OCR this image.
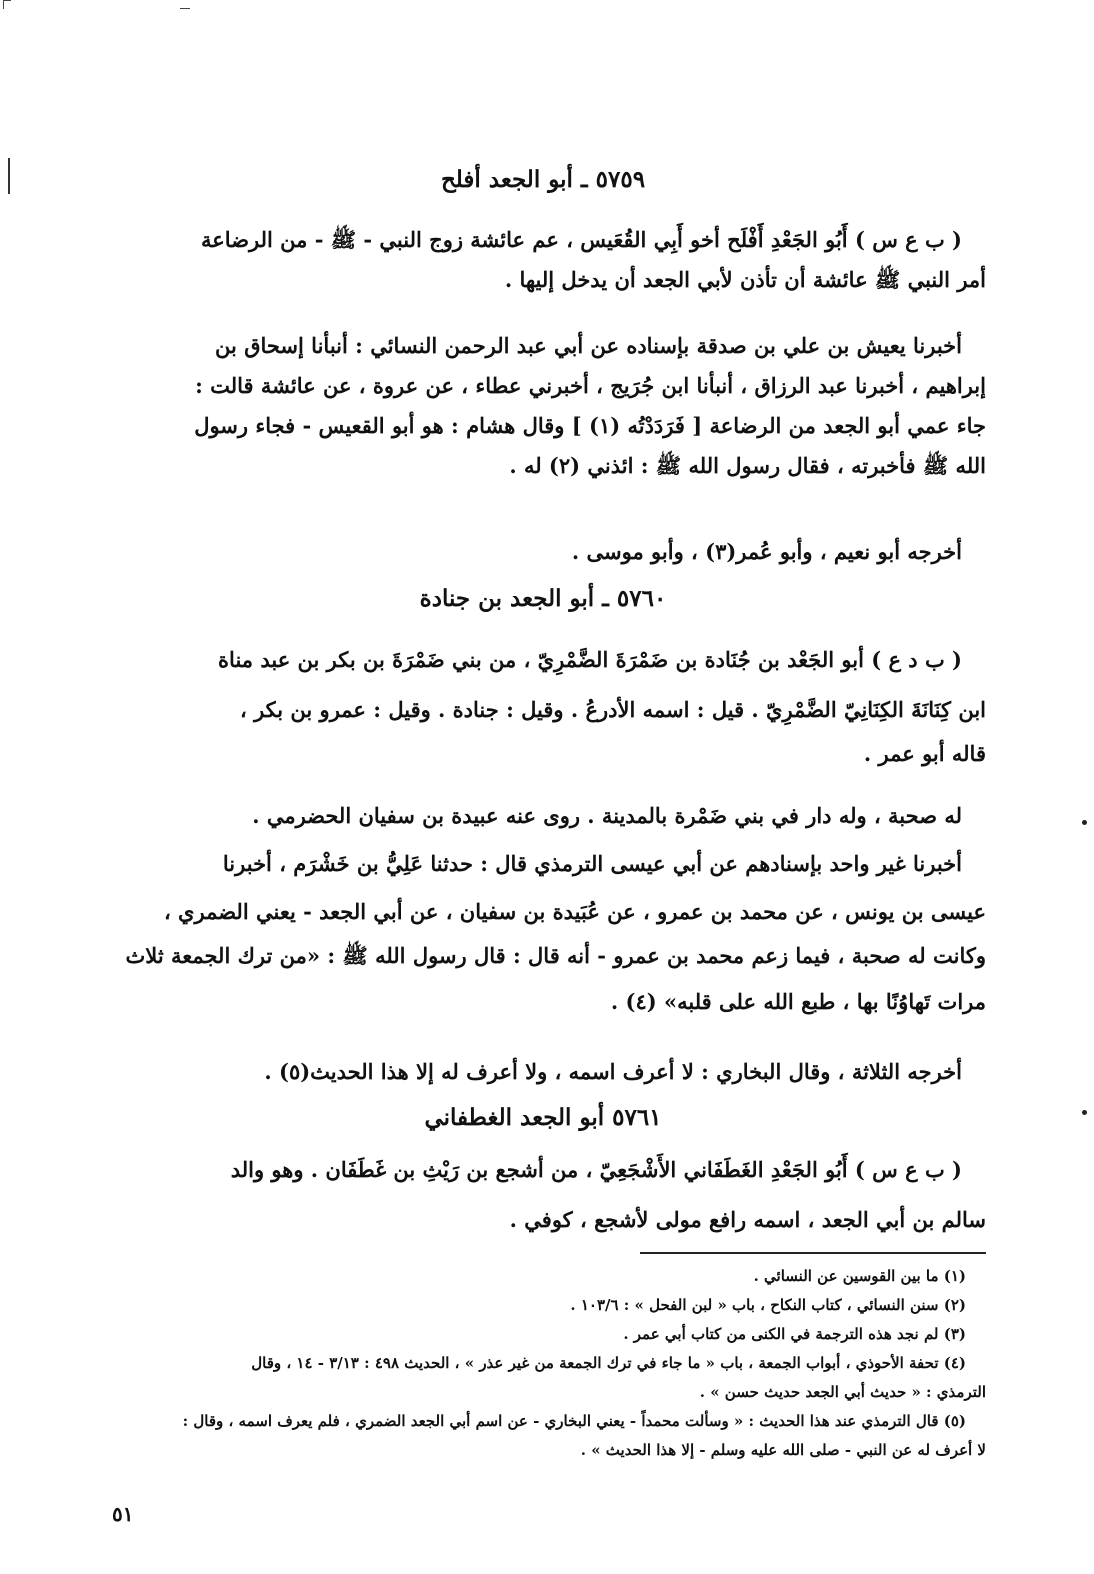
٥٧٥٩ ـ أبو الجعد أفلح
( ب ع س ) أَبُو الجَعْدِ أَفْلَح أخو أَبِي القُعَيس ، عم عائشة زوج النبي - ﷺ - من الرضاعة
أمر النبي ﷺ عائشة أن تأذن لأبي الجعد أن يدخل إليها .
أخبرنا يعيش بن علي بن صدقة بإسناده عن أبي عبد الرحمن النسائي : أنبأنا إسحاق بن
إبراهيم ، أخبرنا عبد الرزاق ، أنبأنا ابن جُرَيج ، أخبرني عطاء ، عن عروة ، عن عائشة قالت :
جاء عمي أبو الجعد من الرضاعة [ فَرَدَدْتُه (١) ] وقال هشام : هو أبو القعيس - فجاء رسول
الله ﷺ فأخبرته ، فقال رسول الله ﷺ : ائذني (٢) له .
أخرجه أبو نعيم ، وأبو عُمر(٣) ، وأبو موسى .
٥٧٦٠ ـ أبو الجعد بن جنادة
( ب د ع ) أبو الجَعْد بن جُنَادة بن ضَمْرَةَ الضَّمْرِيّ ، من بني ضَمْرَةَ بن بكر بن عبد مناة
ابن كِنَانَةَ الكِنَانِيّ الضَّمْرِيّ . قيل : اسمه الأدرعُ . وقيل : جنادة . وقيل : عمرو بن بكر ،
قاله أبو عمر .
له صحبة ، وله دار في بني ضَمْرة بالمدينة . روى عنه عبيدة بن سفيان الحضرمي .
أخبرنا غير واحد بإسنادهم عن أبي عيسى الترمذي قال : حدثنا عَلِيُّ بن خَشْرَم ، أخبرنا
عيسى بن يونس ، عن محمد بن عمرو ، عن عُبَيدة بن سفيان ، عن أبي الجعد - يعني الضمري ،
وكانت له صحبة ، فيما زعم محمد بن عمرو - أنه قال : قال رسول الله ﷺ : «من ترك الجمعة ثلاث
مرات تَهاوُنًا بها ، طبع الله على قلبه» (٤) .
أخرجه الثلاثة ، وقال البخاري : لا أعرف اسمه ، ولا أعرف له إلا هذا الحديث(٥) .
٥٧٦١ أبو الجعد الغطفاني
( ب ع س ) أَبُو الجَعْدِ الغَطَفَاني الأَشْجَعِيّ ، من أشجع بن رَيْثِ بن غَطَفَان . وهو والد
سالم بن أبي الجعد ، اسمه رافع مولى لأشجع ، كوفي .
(١) ما بين القوسين عن النسائي .
(٢) سنن النسائي ، كتاب النكاح ، باب « لبن الفحل » : ١٠٣/٦ .
(٣) لم نجد هذه الترجمة في الكنى من كتاب أبي عمر .
(٤) تحفة الأحوذي ، أبواب الجمعة ، باب « ما جاء في ترك الجمعة من غير عذر » ، الحديث ٤٩٨ : ٣/١٣ - ١٤ ، وقال
الترمذي : « حديث أبي الجعد حديث حسن » .
(٥) قال الترمذي عند هذا الحديث : « وسألت محمداً - يعني البخاري - عن اسم أبي الجعد الضمري ، فلم يعرف اسمه ، وقال :
لا أعرف له عن النبي - صلى الله عليه وسلم - إلا هذا الحديث » .
٥١
